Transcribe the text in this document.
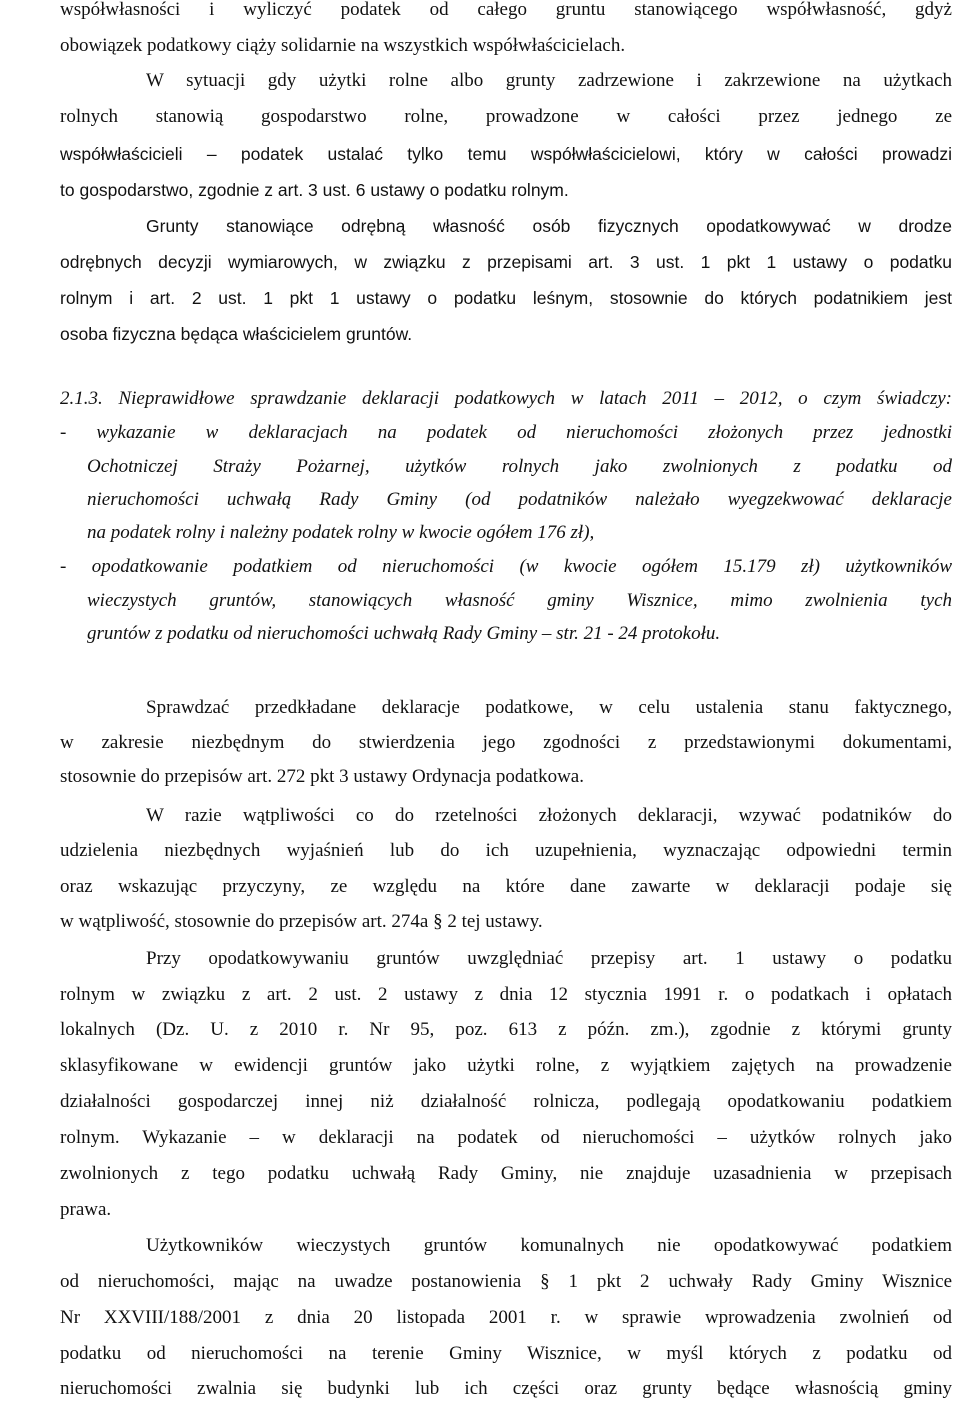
współwłasności i wyliczyć podatek od całego gruntu stanowiącego współwłasność, gdyż

obowiązek podatkowy ciąży solidarnie na wszystkich współwłaścicielach.

W sytuacji gdy użytki rolne albo grunty zadrzewione i zakrzewione na użytkach

rolnych stanowią gospodarstwo rolne, prowadzone w całości przez jednego ze

współwłaścicieli – podatek ustalać tylko temu współwłaścicielowi, który w całości prowadzi

to gospodarstwo, zgodnie z art. 3 ust. 6 ustawy o podatku rolnym.

Grunty stanowiące odrębną własność osób fizycznych opodatkowywać w drodze

odrębnych decyzji wymiarowych, w związku z przepisami art. 3 ust. 1 pkt 1 ustawy o podatku

rolnym i art. 2 ust. 1 pkt 1 ustawy o podatku leśnym, stosownie do których podatnikiem jest

osoba fizyczna będąca właścicielem gruntów.

2.1.3. Nieprawidłowe sprawdzanie deklaracji podatkowych w latach 2011 – 2012, o czym świadczy:

- wykazanie w deklaracjach na podatek od nieruchomości złożonych przez jednostki

Ochotniczej Straży Pożarnej, użytków rolnych jako zwolnionych z podatku od

nieruchomości uchwałą Rady Gminy (od podatników należało wyegzekwować deklaracje

na podatek rolny i należny podatek rolny w kwocie ogółem 176 zł),

- opodatkowanie podatkiem od nieruchomości (w kwocie ogółem 15.179 zł) użytkowników

wieczystych gruntów, stanowiących własność gminy Wisznice, mimo zwolnienia tych

gruntów z podatku od nieruchomości uchwałą Rady Gminy – str. 21 - 24 protokołu.

Sprawdzać przedkładane deklaracje podatkowe, w celu ustalenia stanu faktycznego,

w zakresie niezbędnym do stwierdzenia jego zgodności z przedstawionymi dokumentami,

stosownie do przepisów art. 272 pkt 3 ustawy Ordynacja podatkowa.

W razie wątpliwości co do rzetelności złożonych deklaracji, wzywać podatników do

udzielenia niezbędnych wyjaśnień lub do ich uzupełnienia, wyznaczając odpowiedni termin

oraz wskazując przyczyny, ze względu na które dane zawarte w deklaracji podaje się

w wątpliwość, stosownie do przepisów art. 274a § 2 tej ustawy.

Przy opodatkowywaniu gruntów uwzględniać przepisy art. 1 ustawy o podatku

rolnym w związku z art. 2 ust. 2 ustawy z dnia 12 stycznia 1991 r. o podatkach i opłatach

lokalnych (Dz. U. z 2010 r. Nr 95, poz. 613 z późn. zm.), zgodnie z którymi grunty

sklasyfikowane w ewidencji gruntów jako użytki rolne, z wyjątkiem zajętych na prowadzenie

działalności gospodarczej innej niż działalność rolnicza, podlegają opodatkowaniu podatkiem

rolnym. Wykazanie – w deklaracji na podatek od nieruchomości – użytków rolnych jako

zwolnionych z tego podatku uchwałą Rady Gminy, nie znajduje uzasadnienia w przepisach

prawa.

Użytkowników wieczystych gruntów komunalnych nie opodatkowywać podatkiem

od nieruchomości, mając na uwadze postanowienia § 1 pkt 2 uchwały Rady Gminy Wisznice

Nr XXVIII/188/2001 z dnia 20 listopada 2001 r. w sprawie wprowadzenia zwolnień od

podatku od nieruchomości na terenie Gminy Wisznice, w myśl których z podatku od

nieruchomości zwalnia się budynki lub ich części oraz grunty będące własnością gminy
